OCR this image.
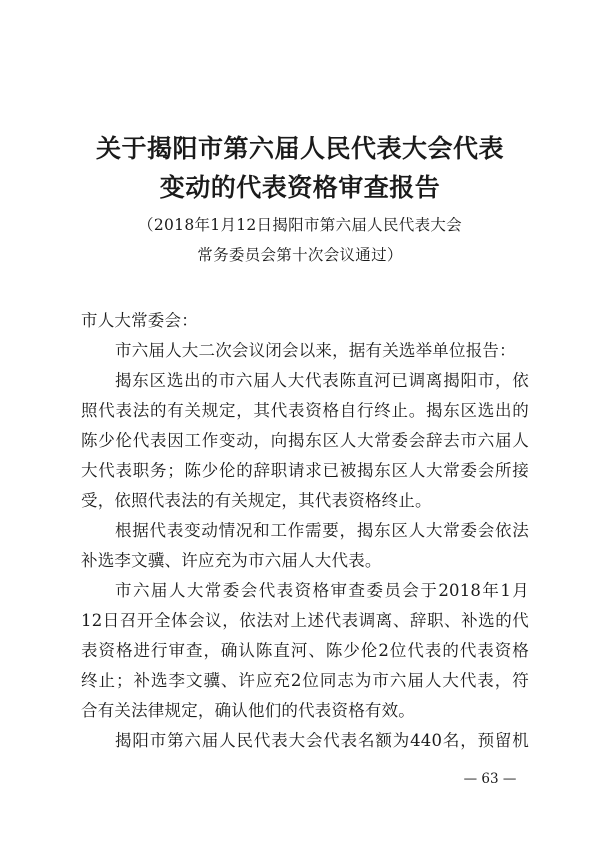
关于揭阳市第六届人民代表大会代表
变动的代表资格审查报告
（2018年1月12日揭阳市第六届人民代表大会
常务委员会第十次会议通过）
市人大常委会：
市六届人大二次会议闭会以来，据有关选举单位报告：
揭东区选出的市六届人大代表陈直河已调离揭阳市，依
照代表法的有关规定，其代表资格自行终止。揭东区选出的
陈少伦代表因工作变动，向揭东区人大常委会辞去市六届人
大代表职务；陈少伦的辞职请求已被揭东区人大常委会所接
受，依照代表法的有关规定，其代表资格终止。
根据代表变动情况和工作需要，揭东区人大常委会依法
补选李文骥、许应充为市六届人大代表。
市六届人大常委会代表资格审查委员会于2018年1月
12日召开全体会议，依法对上述代表调离、辞职、补选的代
表资格进行审查，确认陈直河、陈少伦2位代表的代表资格
终止；补选李文骥、许应充2位同志为市六届人大代表，符
合有关法律规定，确认他们的代表资格有效。
揭阳市第六届人民代表大会代表名额为440名，预留机
— 63 —
